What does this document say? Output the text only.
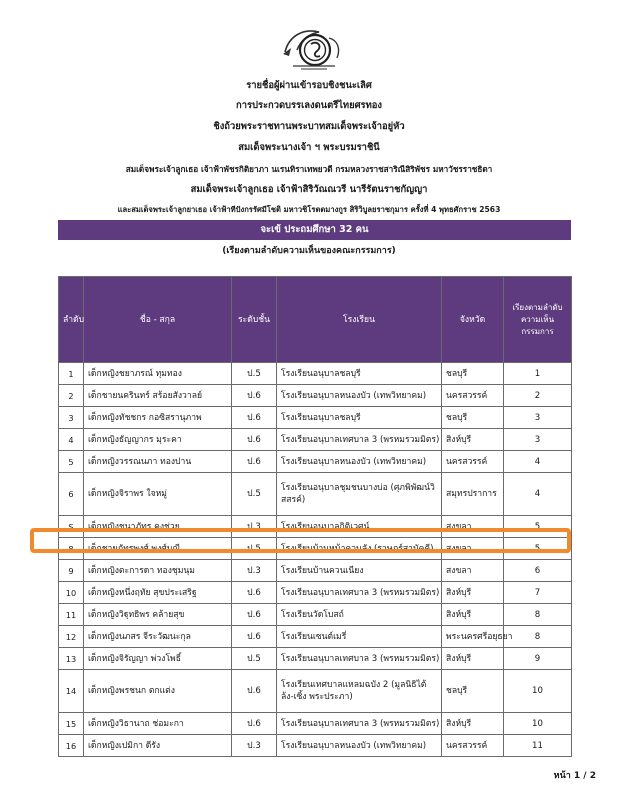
รายชื่อผู้ผ่านเข้ารอบชิงชนะเลิศ
การประกวดบรรเลงดนตรีไทยศรทอง
ชิงถ้วยพระราชทานพระบาทสมเด็จพระเจ้าอยู่หัว
สมเด็จพระนางเจ้า ฯ พระบรมราชินี
สมเด็จพระเจ้าลูกเธอ เจ้าฟ้าพัชรกิติยาภา นเรนทิราเทพยวดี กรมหลวงราชสาริณีสิริพัชร มหาวัชรราชธิดา
สมเด็จพระเจ้าลูกเธอ เจ้าฟ้าสิริวัณณวรี นารีรัตนราชกัญญา
และสมเด็จพระเจ้าลูกยาเธอ เจ้าฟ้าทีปังกรรัศมีโชติ มหาวชิโรตตมางกูร สิริวิบูลยราชกุมาร ครั้งที่ 4 พุทธศักราช 2563
จะเข้ ประถมศึกษา 32 คน
(เรียงตามลำดับความเห็นของคณะกรรมการ)
ลำดับ	ชื่อ - สกุล	ระดับชั้น	โรงเรียน	จังหวัด	เรียงตามลำดับความเห็นกรรมการ
1	เด็กหญิงชยาภรณ์ ทุมทอง	ป.5	โรงเรียนอนุบาลชลบุรี	ชลบุรี	1
2	เด็กชายนครินทร์ สร้อยสังวาลย์	ป.6	โรงเรียนอนุบาลหนองบัว (เทพวิทยาคม)	นครสวรรค์	2
3	เด็กหญิงทัชชกร กอซิสรานุภาพ	ป.6	โรงเรียนอนุบาลชลบุรี	ชลบุรี	3
4	เด็กหญิงธัญญากร มุระคา	ป.6	โรงเรียนอนุบาลเทศบาล 3 (พรหมรวมมิตร)	สิงห์บุรี	3
5	เด็กหญิงวรรณนภา ทองปาน	ป.6	โรงเรียนอนุบาลหนองบัว (เทพวิทยาคม)	นครสวรรค์	4
6	เด็กหญิงจิราพร ใจหมู่	ป.5	โรงเรียนอนุบาลชุมชนบางบ่อ (ศุภพิพัฒน์วิสสรค์)	สมุทรปราการ	4
S	เด็กหญิงชนาภัทร คงช่วย	ป.3	โรงเรียนอนุบาลกิติเวศน์	สงขลา	5
8	เด็กชายภัทรพงศ์ พงศ์มณี	ป.5	โรงเรียนบ้านหน้าควนลัง (ราษฎร์สามัคคี)	สงขลา	5
9	เด็กหญิงตะการดา ทองชุมนุม	ป.3	โรงเรียนบ้านควนเนียง	สงขลา	6
10	เด็กหญิงหนึ่งฤทัย สุขประเสริฐ	ป.6	โรงเรียนอนุบาลเทศบาล 3 (พรหมรวมมิตร)	สิงห์บุรี	7
11	เด็กหญิงวิฐุทธิพร คล้ายสุข	ป.6	โรงเรียนวัดโบสถ์	สิงห์บุรี	8
12	เด็กหญิงนภสร จีระวัฒนะกุล	ป.6	โรงเรียนเซนต์เมรี่	พระนครศรีอยุธยา	8
13	เด็กหญิงจิรัญญา พ่วงโพธิ์	ป.5	โรงเรียนอนุบาลเทศบาล 3 (พรหมรวมมิตร)	สิงห์บุรี	9
14	เด็กหญิงพรชนก ตกแต่ง	ป.6	โรงเรียนเทศบาลแหลมฉบัง 2 (มูลนิธิไต้ล้ง-เซิ้ง พระประภา)	ชลบุรี	10
15	เด็กหญิงวิธานาถ ช่อมะกา	ป.6	โรงเรียนอนุบาลเทศบาล 3 (พรหมรวมมิตร)	สิงห์บุรี	10
16	เด็กหญิงเปมิกา ดีรัง	ป.3	โรงเรียนอนุบาลหนองบัว (เทพวิทยาคม)	นครสวรรค์	11
หน้า 1 / 2
